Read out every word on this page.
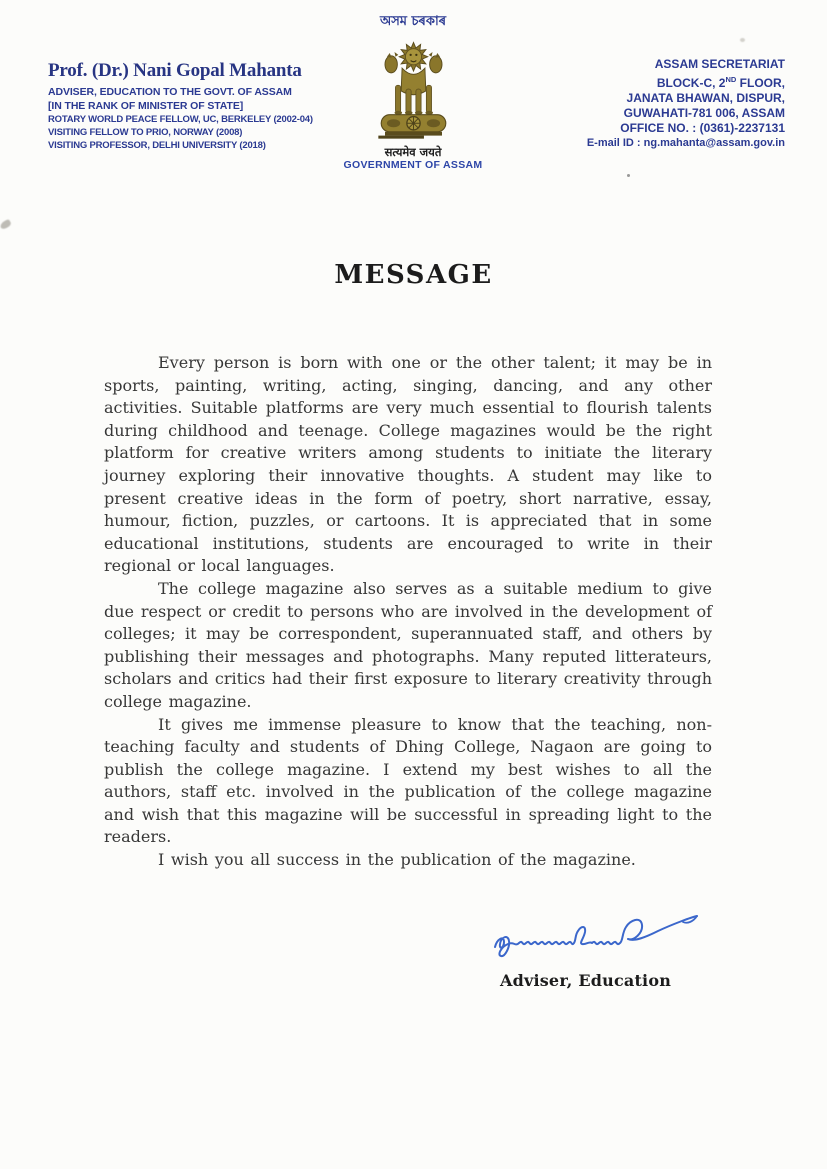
Prof. (Dr.) Nani Gopal Mahanta
ADVISER, EDUCATION TO THE GOVT. OF ASSAM
[IN THE RANK OF MINISTER OF STATE]
ROTARY WORLD PEACE FELLOW, UC, BERKELEY (2002-04)
VISITING FELLOW TO PRIO, NORWAY (2008)
VISITING PROFESSOR, DELHI UNIVERSITY (2018)
অসম চৰকাৰ
सत्यमेव जयते
GOVERNMENT OF ASSAM
ASSAM SECRETARIAT
BLOCK-C, 2ND FLOOR,
JANATA BHAWAN, DISPUR,
GUWAHATI-781 006, ASSAM
OFFICE NO. : (0361)-2237131
E-mail ID : ng.mahanta@assam.gov.in
MESSAGE

Every person is born with one or the other talent; it may be in sports, painting, writing, acting, singing, dancing, and any other activities. Suitable platforms are very much essential to flourish talents during childhood and teenage. College magazines would be the right platform for creative writers among students to initiate the literary journey exploring their innovative thoughts. A student may like to present creative ideas in the form of poetry, short narrative, essay, humour, fiction, puzzles, or cartoons. It is appreciated that in some educational institutions, students are encouraged to write in their regional or local languages.

The college magazine also serves as a suitable medium to give due respect or credit to persons who are involved in the development of colleges; it may be correspondent, superannuated staff, and others by publishing their messages and photographs. Many reputed litterateurs, scholars and critics had their first exposure to literary creativity through college magazine.

It gives me immense pleasure to know that the teaching, non-teaching faculty and students of Dhing College, Nagaon are going to publish the college magazine. I extend my best wishes to all the authors, staff etc. involved in the publication of the college magazine and wish that this magazine will be successful in spreading light to the readers.

I wish you all success in the publication of the magazine.

Adviser, Education
